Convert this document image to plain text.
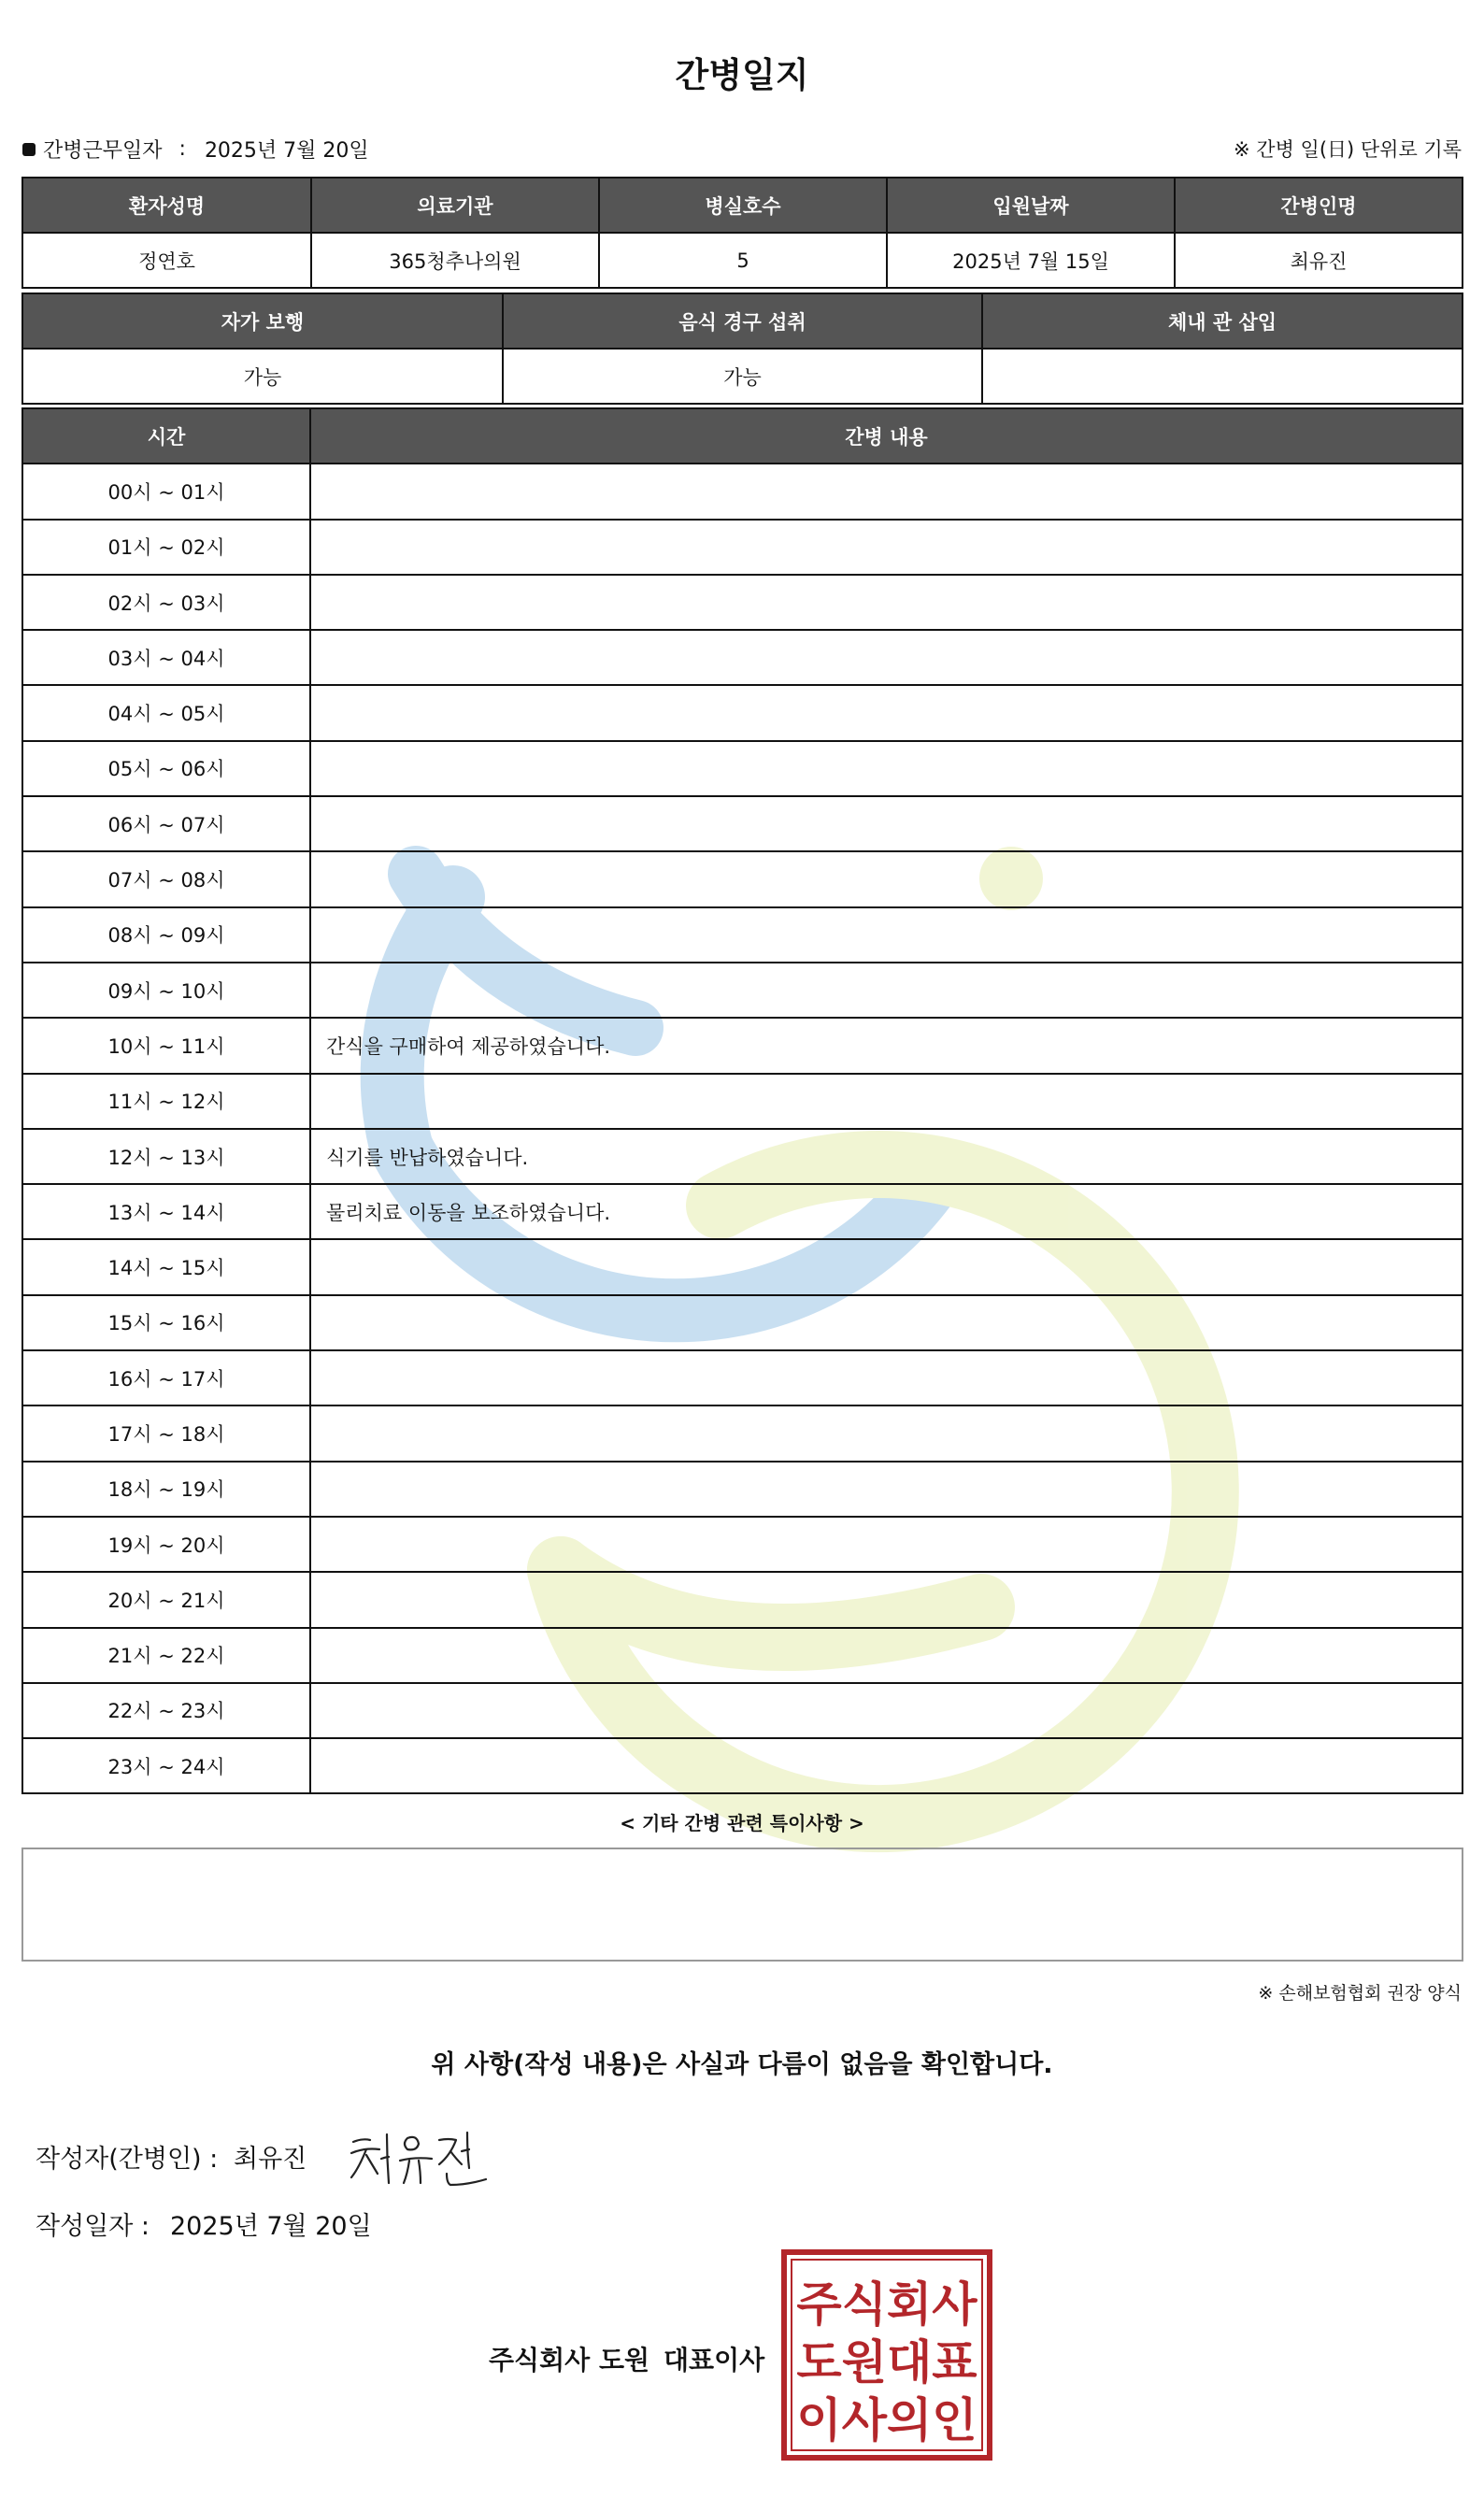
간병일지
간병근무일자 : 2025년 7월 20일	※ 간병 일(日) 단위로 기록
환자성명	의료기관	병실호수	입원날짜	간병인명
정연호	365청추나의원	5	2025년 7월 15일	최유진
자가 보행	음식 경구 섭취	체내 관 삽입
가능	가능	
시간	간병 내용
00시 ~ 01시	
01시 ~ 02시	
02시 ~ 03시	
03시 ~ 04시	
04시 ~ 05시	
05시 ~ 06시	
06시 ~ 07시	
07시 ~ 08시	
08시 ~ 09시	
09시 ~ 10시	
10시 ~ 11시	간식을 구매하여 제공하였습니다.
11시 ~ 12시	
12시 ~ 13시	식기를 반납하였습니다.
13시 ~ 14시	물리치료 이동을 보조하였습니다.
14시 ~ 15시	
15시 ~ 16시	
16시 ~ 17시	
17시 ~ 18시	
18시 ~ 19시	
19시 ~ 20시	
20시 ~ 21시	
21시 ~ 22시	
22시 ~ 23시	
23시 ~ 24시	
< 기타 간병 관련 특이사항 >
※ 손해보험협회 권장 양식
위 사항(작성 내용)은 사실과 다름이 없음을 확인합니다.
작성자(간병인) : 최유진
작성일자 : 2025년 7월 20일
주식회사 도원 대표이사
주식회사
도원대표
이사의인
